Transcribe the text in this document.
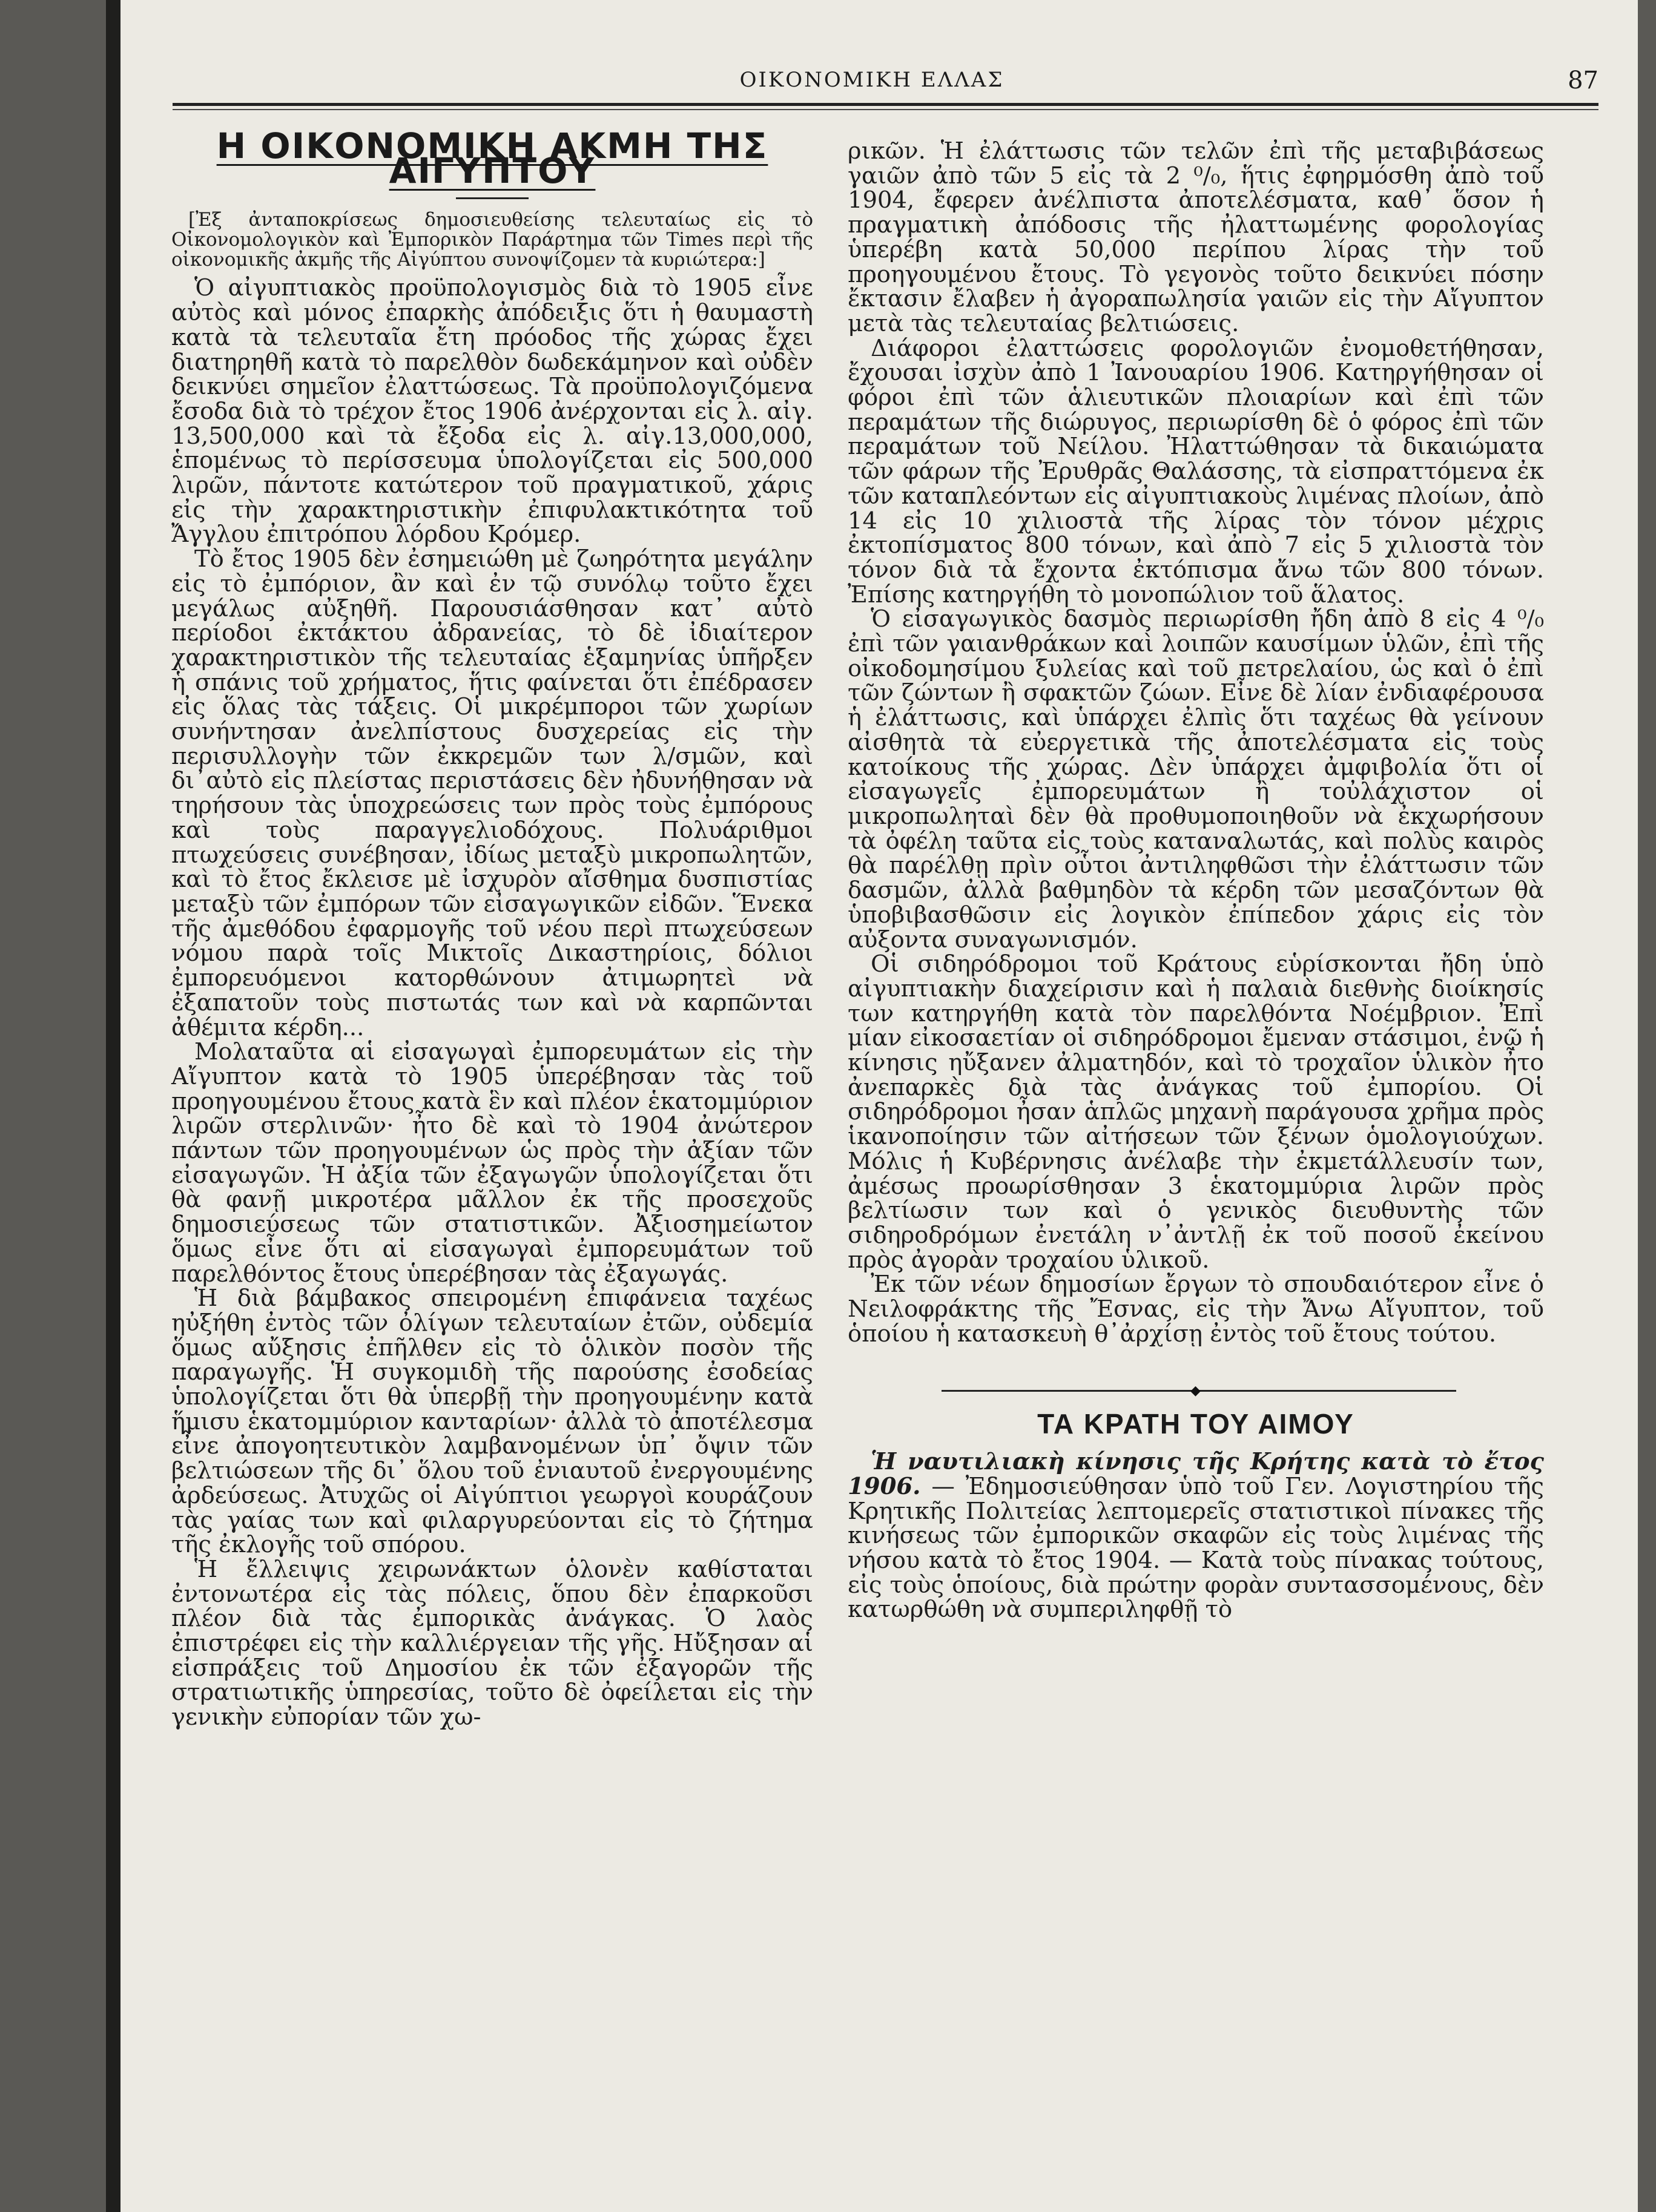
ΟΙΚΟΝΟΜΙΚΗ ΕΛΛΑΣ	87
Η ΟΙΚΟΝΟΜΙΚΗ ΑΚΜΗ ΤΗΣ ΑΙΓΥΠΤΟΥ

[Ἐξ ἀνταποκρίσεως δημοσιευθείσης τελευταίως εἰς τὸ Οἰκονομολογικὸν καὶ Ἐμπορικὸν Παράρτημα τῶν Times περὶ τῆς οἰκονομικῆς ἀκμῆς τῆς Αἰγύπτου συνοψίζομεν τὰ κυριώτερα:]

Ὁ αἰγυπτιακὸς προϋπολογισμὸς διὰ τὸ 1905 εἶνε αὐτὸς καὶ μόνος ἐπαρκὴς ἀπόδειξις ὅτι ἡ θαυμαστὴ κατὰ τὰ τελευταῖα ἔτη πρόοδος τῆς χώρας ἔχει διατηρηθῆ κατὰ τὸ παρελθὸν δωδεκάμηνον καὶ οὐδὲν δεικνύει σημεῖον ἐλαττώσεως. Τὰ προϋπολογιζόμενα ἔσοδα διὰ τὸ τρέχον ἔτος 1906 ἀνέρχονται εἰς λ. αἰγ. 13,500,000 καὶ τὰ ἔξοδα εἰς λ. αἰγ.13,000,000, ἑπομένως τὸ περίσσευμα ὑπολογίζεται εἰς 500,000 λιρῶν, πάντοτε κατώτερον τοῦ πραγματικοῦ, χάρις εἰς τὴν χαρακτηριστικὴν ἐπιφυλακτικότητα τοῦ Ἄγγλου ἐπιτρόπου λόρδου Κρόμερ.

Τὸ ἔτος 1905 δὲν ἐσημειώθη μὲ ζωηρότητα μεγάλην εἰς τὸ ἐμπόριον, ἂν καὶ ἐν τῷ συνόλῳ τοῦτο ἔχει μεγάλως αὐξηθῆ. Παρουσιάσθησαν κατ᾽ αὐτὸ περίοδοι ἐκτάκτου ἀδρανείας, τὸ δὲ ἰδιαίτερον χαρακτηριστικὸν τῆς τελευταίας ἑξαμηνίας ὑπῆρξεν ἡ σπάνις τοῦ χρήματος, ἥτις φαίνεται ὅτι ἐπέδρασεν εἰς ὅλας τὰς τάξεις. Οἱ μικρέμποροι τῶν χωρίων συνήντησαν ἀνελπίστους δυσχερείας εἰς τὴν περισυλλογὴν τῶν ἐκκρεμῶν των λ/σμῶν, καὶ δι᾽αὐτὸ εἰς πλείστας περιστάσεις δὲν ἠδυνήθησαν νὰ τηρήσουν τὰς ὑποχρεώσεις των πρὸς τοὺς ἐμπόρους καὶ τοὺς παραγγελιοδόχους. Πολυάριθμοι πτωχεύσεις συνέβησαν, ἰδίως μεταξὺ μικροπωλητῶν, καὶ τὸ ἔτος ἔκλεισε μὲ ἰσχυρὸν αἴσθημα δυσπιστίας μεταξὺ τῶν ἐμπόρων τῶν εἰσαγωγικῶν εἰδῶν. Ἕνεκα τῆς ἀμεθόδου ἐφαρμογῆς τοῦ νέου περὶ πτωχεύσεων νόμου παρὰ τοῖς Μικτοῖς Δικαστηρίοις, δόλιοι ἐμπορευόμενοι κατορθώνουν ἀτιμωρητεὶ νὰ ἐξαπατοῦν τοὺς πιστωτάς των καὶ νὰ καρπῶνται ἀθέμιτα κέρδη...

Μολαταῦτα αἱ εἰσαγωγαὶ ἐμπορευμάτων εἰς τὴν Αἴγυπτον κατὰ τὸ 1905 ὑπερέβησαν τὰς τοῦ προηγουμένου ἔτους κατὰ ἓν καὶ πλέον ἑκατομμύριον λιρῶν στερλινῶν· ἦτο δὲ καὶ τὸ 1904 ἀνώτερον πάντων τῶν προηγουμένων ὡς πρὸς τὴν ἀξίαν τῶν εἰσαγωγῶν. Ἡ ἀξία τῶν ἐξαγωγῶν ὑπολογίζεται ὅτι θὰ φανῇ μικροτέρα μᾶλλον ἐκ τῆς προσεχοῦς δημοσιεύσεως τῶν στατιστικῶν. Ἀξιοσημείωτον ὅμως εἶνε ὅτι αἱ εἰσαγωγαὶ ἐμπορευμάτων τοῦ παρελθόντος ἔτους ὑπερέβησαν τὰς ἐξαγωγάς.

Ἡ διὰ βάμβακος σπειρομένη ἐπιφάνεια ταχέως ηὐξήθη ἐντὸς τῶν ὀλίγων τελευταίων ἐτῶν, οὐδεμία ὅμως αὔξησις ἐπῆλθεν εἰς τὸ ὁλικὸν ποσὸν τῆς παραγωγῆς. Ἡ συγκομιδὴ τῆς παρούσης ἐσοδείας ὑπολογίζεται ὅτι θὰ ὑπερβῇ τὴν προηγουμένην κατὰ ἥμισυ ἑκατομμύριον κανταρίων· ἀλλὰ τὸ ἀποτέλεσμα εἶνε ἀπογοητευτικὸν λαμβανομένων ὑπ᾽ ὄψιν τῶν βελτιώσεων τῆς δι᾽ ὅλου τοῦ ἐνιαυτοῦ ἐνεργουμένης ἀρδεύσεως. Ἀτυχῶς οἱ Αἰγύπτιοι γεωργοὶ κουράζουν τὰς γαίας των καὶ φιλαργυρεύονται εἰς τὸ ζήτημα τῆς ἐκλογῆς τοῦ σπόρου.

Ἡ ἔλλειψις χειρωνάκτων ὁλονὲν καθίσταται ἐντονωτέρα εἰς τὰς πόλεις, ὅπου δὲν ἐπαρκοῦσι πλέον διὰ τὰς ἐμπορικὰς ἀνάγκας. Ὁ λαὸς ἐπιστρέφει εἰς τὴν καλλιέργειαν τῆς γῆς. Ηὔξησαν αἱ εἰσπράξεις τοῦ Δημοσίου ἐκ τῶν ἐξαγορῶν τῆς στρατιωτικῆς ὑπηρεσίας, τοῦτο δὲ ὀφείλεται εἰς τὴν γενικὴν εὐπορίαν τῶν χω-

ρικῶν. Ἡ ἐλάττωσις τῶν τελῶν ἐπὶ τῆς μεταβιβάσεως γαιῶν ἀπὸ τῶν 5 εἰς τὰ 2 ⁰/₀, ἥτις ἐφηρμόσθη ἀπὸ τοῦ 1904, ἔφερεν ἀνέλπιστα ἀποτελέσματα, καθ᾽ ὅσον ἡ πραγματικὴ ἀπόδοσις τῆς ἠλαττωμένης φορολογίας ὑπερέβη κατὰ 50,000 περίπου λίρας τὴν τοῦ προηγουμένου ἔτους. Τὸ γεγονὸς τοῦτο δεικνύει πόσην ἔκτασιν ἔλαβεν ἡ ἀγοραπωλησία γαιῶν εἰς τὴν Αἴγυπτον μετὰ τὰς τελευταίας βελτιώσεις.

Διάφοροι ἐλαττώσεις φορολογιῶν ἐνομοθετήθησαν, ἔχουσαι ἰσχὺν ἀπὸ 1 Ἰανουαρίου 1906. Κατηργήθησαν οἱ φόροι ἐπὶ τῶν ἁλιευτικῶν πλοιαρίων καὶ ἐπὶ τῶν περαμάτων τῆς διώρυγος, περιωρίσθη δὲ ὁ φόρος ἐπὶ τῶν περαμάτων τοῦ Νείλου. Ἠλαττώθησαν τὰ δικαιώματα τῶν φάρων τῆς Ἐρυθρᾶς Θαλάσσης, τὰ εἰσπραττόμενα ἐκ τῶν καταπλεόντων εἰς αἰγυπτιακοὺς λιμένας πλοίων, ἀπὸ 14 εἰς 10 χιλιοστὰ τῆς λίρας τὸν τόνον μέχρις ἐκτοπίσματος 800 τόνων, καὶ ἀπὸ 7 εἰς 5 χιλιοστὰ τὸν τόνον διὰ τὰ ἔχοντα ἐκτόπισμα ἄνω τῶν 800 τόνων. Ἐπίσης κατηργήθη τὸ μονοπώλιον τοῦ ἅλατος.

Ὁ εἰσαγωγικὸς δασμὸς περιωρίσθη ἤδη ἀπὸ 8 εἰς 4 ⁰/₀ ἐπὶ τῶν γαιανθράκων καὶ λοιπῶν καυσίμων ὑλῶν, ἐπὶ τῆς οἰκοδομησίμου ξυλείας καὶ τοῦ πετρελαίου, ὡς καὶ ὁ ἐπὶ τῶν ζώντων ἢ σφακτῶν ζώων. Εἶνε δὲ λίαν ἐνδιαφέρουσα ἡ ἐλάττωσις, καὶ ὑπάρχει ἐλπὶς ὅτι ταχέως θὰ γείνουν αἰσθητὰ τὰ εὐεργετικὰ τῆς ἀποτελέσματα εἰς τοὺς κατοίκους τῆς χώρας. Δὲν ὑπάρχει ἀμφιβολία ὅτι οἱ εἰσαγωγεῖς ἐμπορευμάτων ἢ τοὐλάχιστον οἱ μικροπωληταὶ δὲν θὰ προθυμοποιηθοῦν νὰ ἐκχωρήσουν τὰ ὀφέλη ταῦτα εἰς τοὺς καταναλωτάς, καὶ πολὺς καιρὸς θὰ παρέλθῃ πρὶν οὗτοι ἀντιληφθῶσι τὴν ἐλάττωσιν τῶν δασμῶν, ἀλλὰ βαθμηδὸν τὰ κέρδη τῶν μεσαζόντων θὰ ὑποβιβασθῶσιν εἰς λογικὸν ἐπίπεδον χάρις εἰς τὸν αὐξοντα συναγωνισμόν.

Οἱ σιδηρόδρομοι τοῦ Κράτους εὑρίσκονται ἤδη ὑπὸ αἰγυπτιακὴν διαχείρισιν καὶ ἡ παλαιὰ διεθνὴς διοίκησίς των κατηργήθη κατὰ τὸν παρελθόντα Νοέμβριον. Ἐπὶ μίαν εἰκοσαετίαν οἱ σιδηρόδρομοι ἔμεναν στάσιμοι, ἐνῷ ἡ κίνησις ηὔξανεν ἀλματηδόν, καὶ τὸ τροχαῖον ὑλικὸν ἦτο ἀνεπαρκὲς διὰ τὰς ἀνάγκας τοῦ ἐμπορίου. Οἱ σιδηρόδρομοι ἦσαν ἁπλῶς μηχανὴ παράγουσα χρῆμα πρὸς ἱκανοποίησιν τῶν αἰτήσεων τῶν ξένων ὁμολογιούχων. Μόλις ἡ Κυβέρνησις ἀνέλαβε τὴν ἐκμετάλλευσίν των, ἀμέσως προωρίσθησαν 3 ἑκατομμύρια λιρῶν πρὸς βελτίωσιν των καὶ ὁ γενικὸς διευθυντὴς τῶν σιδηροδρόμων ἐνετάλη ν᾽ἀντλῇ ἐκ τοῦ ποσοῦ ἐκείνου πρὸς ἀγορὰν τροχαίου ὑλικοῦ.

Ἐκ τῶν νέων δημοσίων ἔργων τὸ σπουδαιότερον εἶνε ὁ Νειλοφράκτης τῆς Ἔσνας, εἰς τὴν Ἄνω Αἴγυπτον, τοῦ ὁποίου ἡ κατασκευὴ θ᾽ἀρχίσῃ ἐντὸς τοῦ ἔτους τούτου.

◆
ΤΑ ΚΡΑΤΗ ΤΟΥ ΑΙΜΟΥ

Ἡ ναυτιλιακὴ κίνησις τῆς Κρήτης κατὰ τὸ ἔτος 1906. — Ἐδημοσιεύθησαν ὑπὸ τοῦ Γεν. Λογιστηρίου τῆς Κρητικῆς Πολιτείας λεπτομερεῖς στατιστικοὶ πίνακες τῆς κινήσεως τῶν ἐμπορικῶν σκαφῶν εἰς τοὺς λιμένας τῆς νήσου κατὰ τὸ ἔτος 1904. — Κατὰ τοὺς πίνακας τούτους, εἰς τοὺς ὁποίους, διὰ πρώτην φορὰν συντασσομένους, δὲν κατωρθώθη νὰ συμπεριληφθῇ τὸ
